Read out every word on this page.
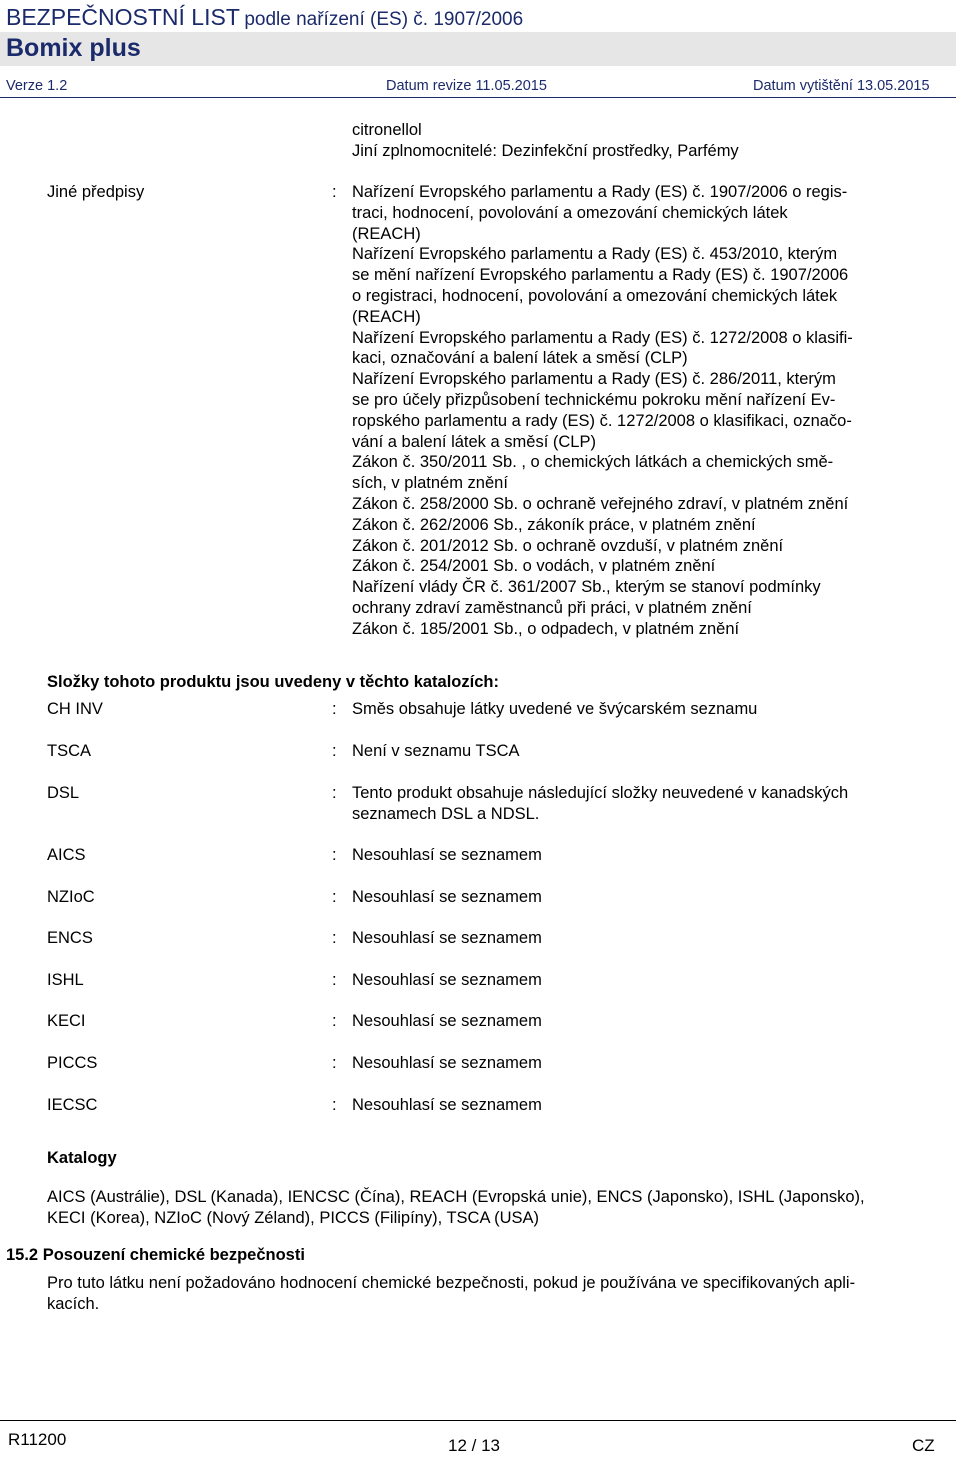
BEZPEČNOSTNÍ LIST podle nařízení (ES) č. 1907/2006
Bomix plus
Verze 1.2	Datum revize 11.05.2015	Datum vytištění 13.05.2015
citronellol
Jiní zplnomocnitelé: Dezinfekční prostředky, Parfémy
Jiné předpisy	: Nařízení Evropského parlamentu a Rady (ES) č. 1907/2006 o regis-
traci, hodnocení, povolování a omezování chemických látek
(REACH)
Nařízení Evropského parlamentu a Rady (ES) č. 453/2010, kterým
se mění nařízení Evropského parlamentu a Rady (ES) č. 1907/2006
o registraci, hodnocení, povolování a omezování chemických látek
(REACH)
Nařízení Evropského parlamentu a Rady (ES) č. 1272/2008 o klasifi-
kaci, označování a balení látek a směsí (CLP)
Nařízení Evropského parlamentu a Rady (ES) č. 286/2011, kterým
se pro účely přizpůsobení technickému pokroku mění nařízení Ev-
ropského parlamentu a rady (ES) č. 1272/2008 o klasifikaci, označo-
vání a balení látek a směsí (CLP)
Zákon č. 350/2011 Sb. , o chemických látkách a chemických smě-
sích, v platném znění
Zákon č. 258/2000 Sb. o ochraně veřejného zdraví, v platném znění
Zákon č. 262/2006 Sb., zákoník práce, v platném znění
Zákon č. 201/2012 Sb. o ochraně ovzduší, v platném znění
Zákon č. 254/2001 Sb. o vodách, v platném znění
Nařízení vlády ČR č. 361/2007 Sb., kterým se stanoví podmínky
ochrany zdraví zaměstnanců při práci, v platném znění
Zákon č. 185/2001 Sb., o odpadech, v platném znění
Složky tohoto produktu jsou uvedeny v těchto katalozích:
CH INV	: Směs obsahuje látky uvedené ve švýcarském seznamu
TSCA	: Není v seznamu TSCA
DSL	: Tento produkt obsahuje následující složky neuvedené v kanadských
seznamech DSL a NDSL.
AICS	: Nesouhlasí se seznamem
NZIoC	: Nesouhlasí se seznamem
ENCS	: Nesouhlasí se seznamem
ISHL	: Nesouhlasí se seznamem
KECI	: Nesouhlasí se seznamem
PICCS	: Nesouhlasí se seznamem
IECSC	: Nesouhlasí se seznamem
Katalogy
AICS (Austrálie), DSL (Kanada), IENCSC (Čína), REACH (Evropská unie), ENCS (Japonsko), ISHL (Japonsko),
KECI (Korea), NZIoC (Nový Zéland), PICCS (Filipíny), TSCA (USA)
15.2 Posouzení chemické bezpečnosti
Pro tuto látku není požadováno hodnocení chemické bezpečnosti, pokud je používána ve specifikovaných apli-
kacích.
R11200	12 / 13	CZ
